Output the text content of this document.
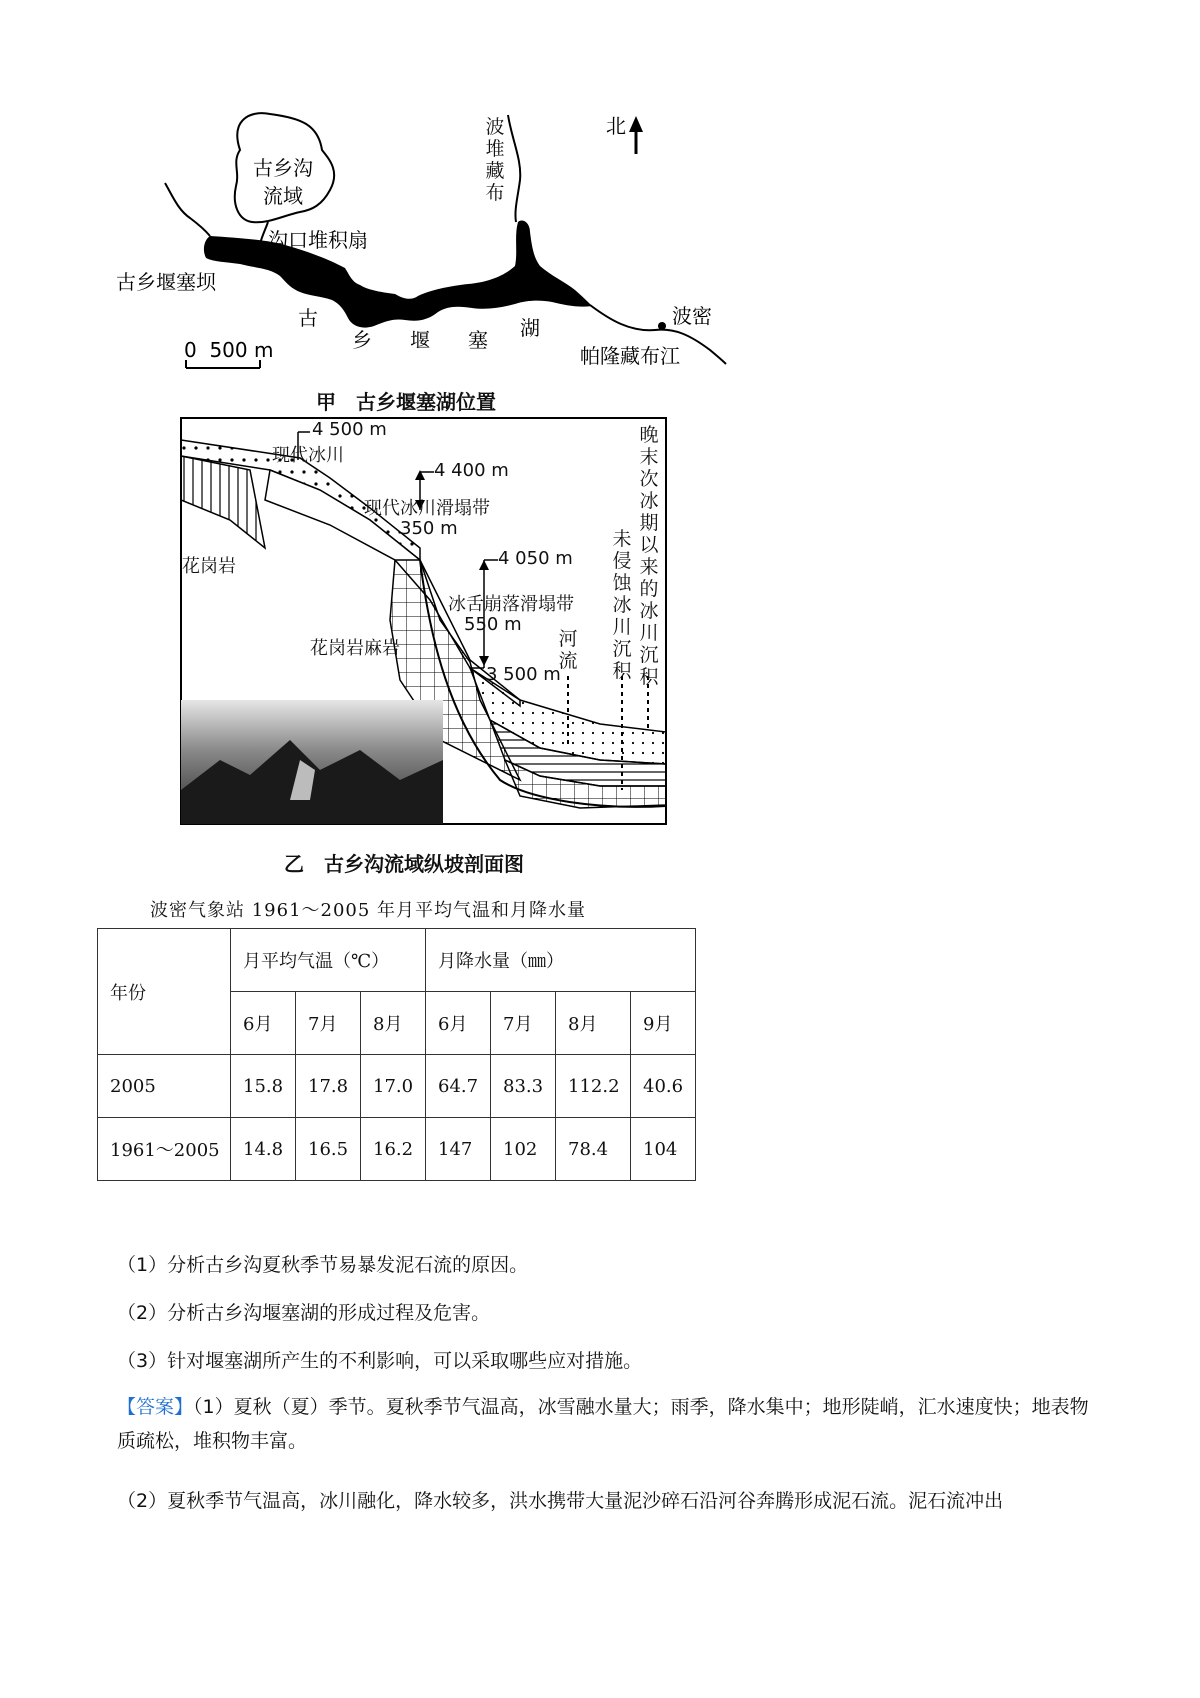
古乡沟流域
沟口堆积扇
古乡堰塞坝
古
乡 堰 塞 湖
波堆藏布
北
波密
帕隆藏布江
0  500 m
甲　古乡堰塞湖位置
4 500 m
现代冰川
4 400 m
现代冰川滑塌带
350 m
4 050 m
花岗岩
冰舌崩落滑塌带
550 m
花岗岩麻岩	河流
3 500 m
未侵蚀冰川沉积
晚末次冰期以来的冰川沉积
乙　古乡沟流域纵坡剖面图
波密气象站 1961～2005 年月平均气温和月降水量
年份	月平均气温（℃）			月降水量（㎜）			
	6月	7月	8月	6月	7月	8月	9月
2005	15.8	17.8	17.0	64.7	83.3	112.2	40.6
1961～2005	14.8	16.5	16.2	147	102	78.4	104
（1）分析古乡沟夏秋季节易暴发泥石流的原因。
（2）分析古乡沟堰塞湖的形成过程及危害。
（3）针对堰塞湖所产生的不利影响，可以采取哪些应对措施。
【答案】（1）夏秋（夏）季节。夏秋季节气温高，冰雪融水量大；雨季，降水集中；地形陡峭，汇水速度快；地表物质疏松，堆积物丰富。
（2）夏秋季节气温高，冰川融化，降水较多，洪水携带大量泥沙碎石沿河谷奔腾形成泥石流。泥石流冲出
